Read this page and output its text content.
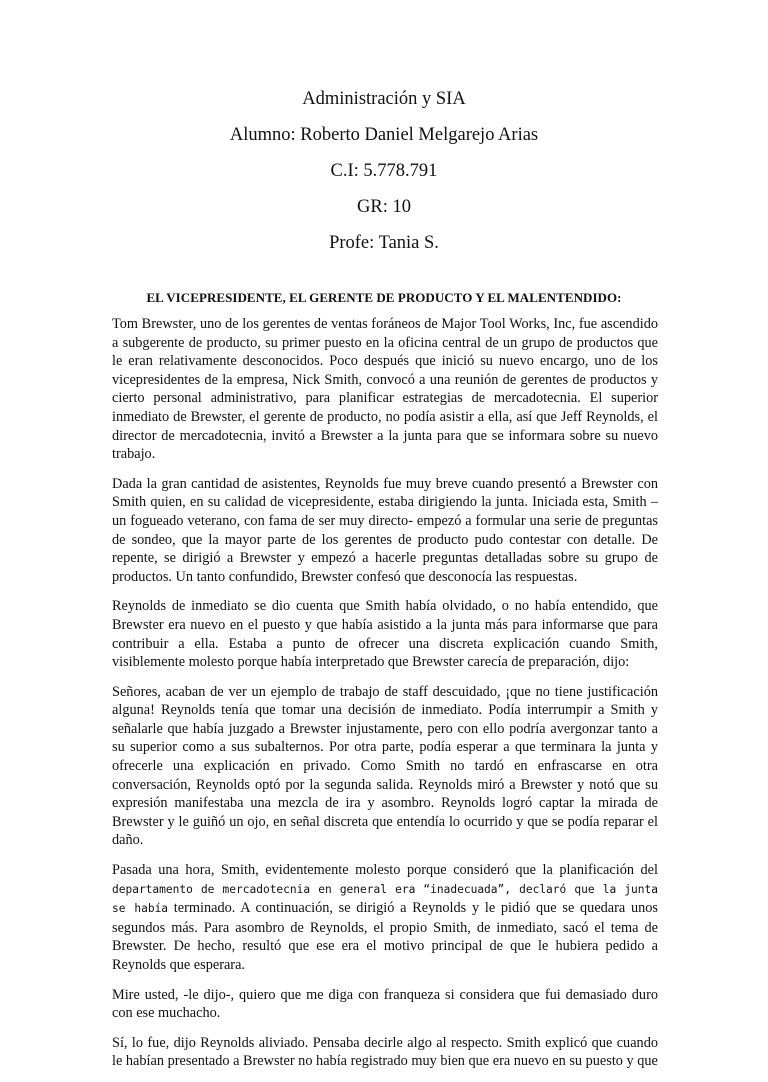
Administración y SIA
Alumno: Roberto Daniel Melgarejo Arias
C.I: 5.778.791
GR: 10
Profe: Tania S.
EL VICEPRESIDENTE, EL GERENTE DE PRODUCTO Y EL MALENTENDIDO:

Tom Brewster, uno de los gerentes de ventas foráneos de Major Tool Works, Inc, fue ascendido a subgerente de producto, su primer puesto en la oficina central de un grupo de productos que le eran relativamente desconocidos. Poco después que inició su nuevo encargo, uno de los vicepresidentes de la empresa, Nick Smith, convocó a una reunión de gerentes de productos y cierto personal administrativo, para planificar estrategias de mercadotecnia. El superior inmediato de Brewster, el gerente de producto, no podía asistir a ella, así que Jeff Reynolds, el director de mercadotecnia, invitó a Brewster a la junta para que se informara sobre su nuevo trabajo.

Dada la gran cantidad de asistentes, Reynolds fue muy breve cuando presentó a Brewster con Smith quien, en su calidad de vicepresidente, estaba dirigiendo la junta. Iniciada esta, Smith –un fogueado veterano, con fama de ser muy directo- empezó a formular una serie de preguntas de sondeo, que la mayor parte de los gerentes de producto pudo contestar con detalle. De repente, se dirigió a Brewster y empezó a hacerle preguntas detalladas sobre su grupo de productos. Un tanto confundido, Brewster confesó que desconocía las respuestas.

Reynolds de inmediato se dio cuenta que Smith había olvidado, o no había entendido, que Brewster era nuevo en el puesto y que había asistido a la junta más para informarse que para contribuir a ella. Estaba a punto de ofrecer una discreta explicación cuando Smith, visiblemente molesto porque había interpretado que Brewster carecía de preparación, dijo:

Señores, acaban de ver un ejemplo de trabajo de staff descuidado, ¡que no tiene justificación alguna! Reynolds tenía que tomar una decisión de inmediato. Podía interrumpir a Smith y señalarle que había juzgado a Brewster injustamente, pero con ello podría avergonzar tanto a su superior como a sus subalternos. Por otra parte, podía esperar a que terminara la junta y ofrecerle una explicación en privado. Como Smith no tardó en enfrascarse en otra conversación, Reynolds optó por la segunda salida. Reynolds miró a Brewster y notó que su expresión manifestaba una mezcla de ira y asombro. Reynolds logró captar la mirada de Brewster y le guiñó un ojo, en señal discreta que entendía lo ocurrido y que se podía reparar el daño.

Pasada una hora, Smith, evidentemente molesto porque consideró que la planificación del departamento de mercadotecnia en general era “inadecuada”, declaró que la junta se había terminado. A continuación, se dirigió a Reynolds y le pidió que se quedara unos segundos más. Para asombro de Reynolds, el propio Smith, de inmediato, sacó el tema de Brewster. De hecho, resultó que ese era el motivo principal de que le hubiera pedido a Reynolds que esperara.

Mire usted, -le dijo-, quiero que me diga con franqueza si considera que fui demasiado duro con ese muchacho.

Sí, lo fue, dijo Reynolds aliviado. Pensaba decirle algo al respecto. Smith explicó que cuando le habían presentado a Brewster no había registrado muy bien que era nuevo en su puesto y que
